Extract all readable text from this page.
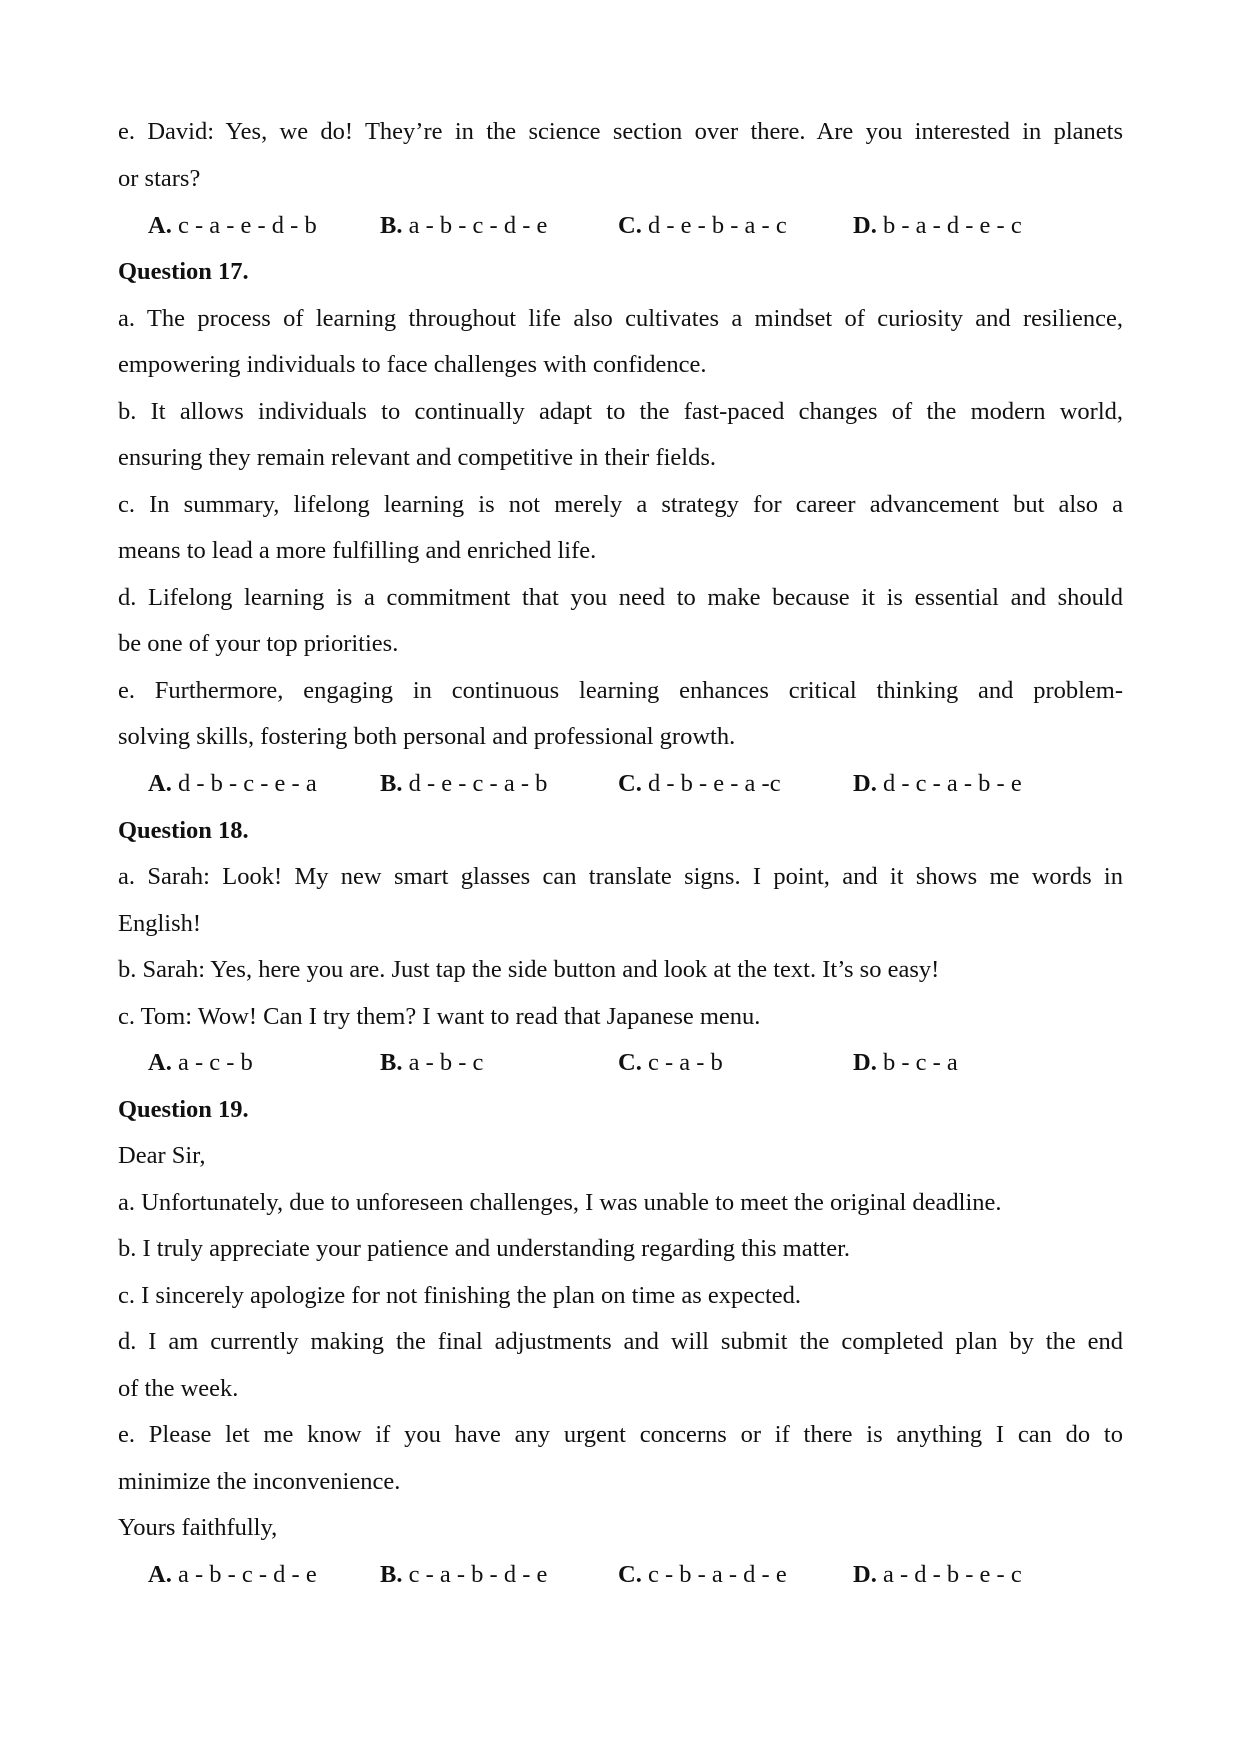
e. David: Yes, we do! They’re in the science section over there. Are you interested in planets
or stars?
A. c - a - e - d - b	B. a - b - c - d - e	C. d - e - b - a - c	D. b - a - d - e - c
Question 17.
a. The process of learning throughout life also cultivates a mindset of curiosity and resilience,
empowering individuals to face challenges with confidence.
b. It allows individuals to continually adapt to the fast-paced changes of the modern world,
ensuring they remain relevant and competitive in their fields.
c. In summary, lifelong learning is not merely a strategy for career advancement but also a
means to lead a more fulfilling and enriched life.
d. Lifelong learning is a commitment that you need to make because it is essential and should
be one of your top priorities.
e. Furthermore, engaging in continuous learning enhances critical thinking and problem-
solving skills, fostering both personal and professional growth.
A. d - b - c - e - a	B. d - e - c - a - b	C. d - b - e - a -c	D. d - c - a - b - e
Question 18.
a. Sarah: Look! My new smart glasses can translate signs. I point, and it shows me words in
English!
b. Sarah: Yes, here you are. Just tap the side button and look at the text. It’s so easy!
c. Tom: Wow! Can I try them? I want to read that Japanese menu.
A. a - c - b	B. a - b - c	C. c - a - b	D. b - c - a
Question 19.
Dear Sir,
a. Unfortunately, due to unforeseen challenges, I was unable to meet the original deadline.
b. I truly appreciate your patience and understanding regarding this matter.
c. I sincerely apologize for not finishing the plan on time as expected.
d. I am currently making the final adjustments and will submit the completed plan by the end
of the week.
e. Please let me know if you have any urgent concerns or if there is anything I can do to
minimize the inconvenience.
Yours faithfully,
A. a - b - c - d - e	B. c - a - b - d - e	C. c - b - a - d - e	D. a - d - b - e - c
